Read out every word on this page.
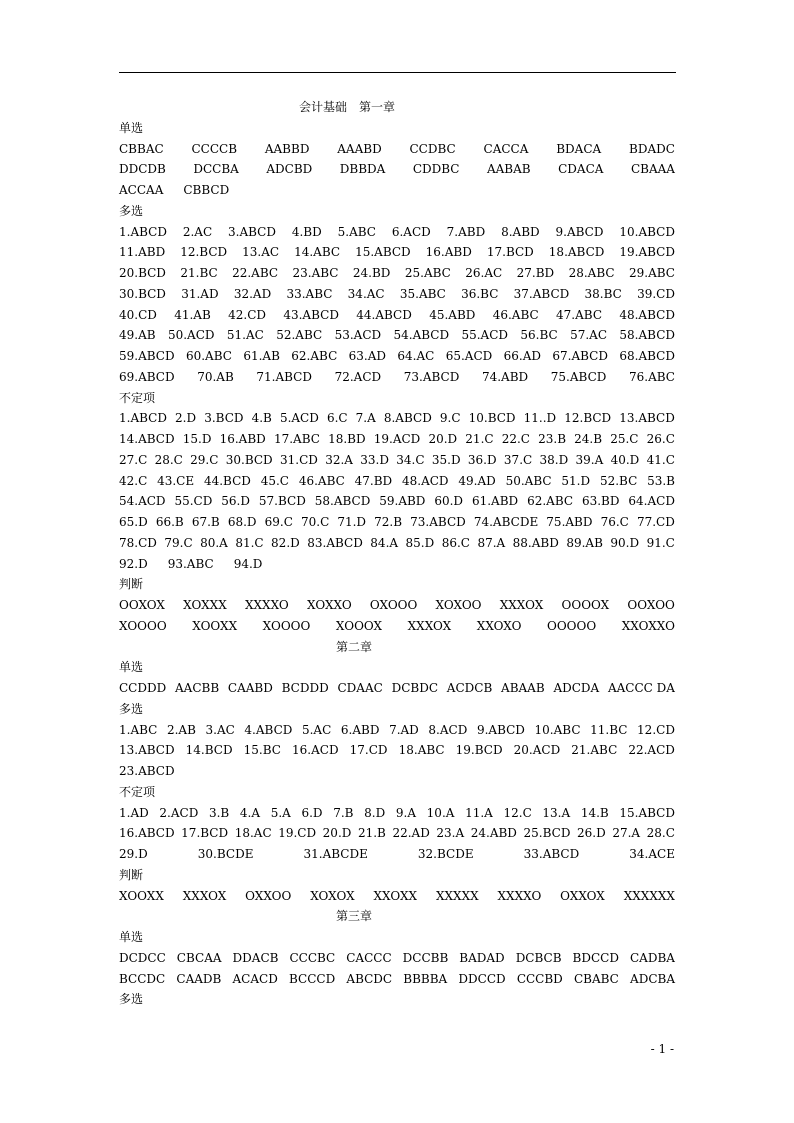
会计基础　第一章
单选
CBBAC CCCCB AABBD AAABD CCDBC CACCA BDACA BDADC
DDCDB DCCBA ADCBD DBBDA CDDBC AABAB CDACA CBAAA
ACCAA CBBCD
多选
1.ABCD 2.AC 3.ABCD 4.BD 5.ABC 6.ACD 7.ABD 8.ABD 9.ABCD 10.ABCD
11.ABD 12.BCD 13.AC 14.ABC 15.ABCD 16.ABD 17.BCD 18.ABCD 19.ABCD
20.BCD 21.BC 22.ABC 23.ABC 24.BD 25.ABC 26.AC 27.BD 28.ABC 29.ABC
30.BCD 31.AD 32.AD 33.ABC 34.AC 35.ABC 36.BC 37.ABCD 38.BC 39.CD
40.CD 41.AB 42.CD 43.ABCD 44.ABCD 45.ABD 46.ABC 47.ABC 48.ABCD
49.AB 50.ACD 51.AC 52.ABC 53.ACD 54.ABCD 55.ACD 56.BC 57.AC 58.ABCD
59.ABCD 60.ABC 61.AB 62.ABC 63.AD 64.AC 65.ACD 66.AD 67.ABCD 68.ABCD
69.ABCD 70.AB 71.ABCD 72.ACD 73.ABCD 74.ABD 75.ABCD 76.ABC
不定项
1.ABCD 2.D 3.BCD 4.B 5.ACD 6.C 7.A 8.ABCD 9.C 10.BCD 11..D 12.BCD 13.ABCD
14.ABCD 15.D 16.ABD 17.ABC 18.BD 19.ACD 20.D 21.C 22.C 23.B 24.B 25.C 26.C
27.C 28.C 29.C 30.BCD 31.CD 32.A 33.D 34.C 35.D 36.D 37.C 38.D 39.A 40.D 41.C
42.C 43.CE 44.BCD 45.C 46.ABC 47.BD 48.ACD 49.AD 50.ABC 51.D 52.BC 53.B
54.ACD 55.CD 56.D 57.BCD 58.ABCD 59.ABD 60.D 61.ABD 62.ABC 63.BD 64.ACD
65.D 66.B 67.B 68.D 69.C 70.C 71.D 72.B 73.ABCD 74.ABCDE 75.ABD 76.C 77.CD
78.CD 79.C 80.A 81.C 82.D 83.ABCD 84.A 85.D 86.C 87.A 88.ABD 89.AB 90.D 91.C
92.D 93.ABC 94.D
判断
OOXOX XOXXX XXXXO XOXXO OXOOO XOXOO XXXOX OOOOX OOXOO
XOOOO XOOXX XOOOO XOOOX XXXOX XXOXO OOOOO XXOXXO
第二章
单选
CCDDD AACBB CAABD BCDDD CDAAC DCBDC ACDCB ABAAB ADCDA AACCC DA
多选
1.ABC 2.AB 3.AC 4.ABCD 5.AC 6.ABD 7.AD 8.ACD 9.ABCD 10.ABC 11.BC 12.CD
13.ABCD 14.BCD 15.BC 16.ACD 17.CD 18.ABC 19.BCD 20.ACD 21.ABC 22.ACD
23.ABCD
不定项
1.AD 2.ACD 3.B 4.A 5.A 6.D 7.B 8.D 9.A 10.A 11.A 12.C 13.A 14.B 15.ABCD
16.ABCD 17.BCD 18.AC 19.CD 20.D 21.B 22.AD 23.A 24.ABD 25.BCD 26.D 27.A 28.C
29.D	30.BCDE	31.ABCDE	32.BCDE	33.ABCD	34.ACE
判断
XOOXX XXXOX OXXOO XOXOX XXOXX XXXXX XXXXO OXXOX XXXXXX
第三章
单选
DCDCC CBCAA DDACB CCCBC CACCC DCCBB BADAD DCBCB BDCCD CADBA
BCCDC CAADB ACACD BCCCD ABCDC BBBBA DDCCD CCCBD CBABC ADCBA
多选
- 1 -
